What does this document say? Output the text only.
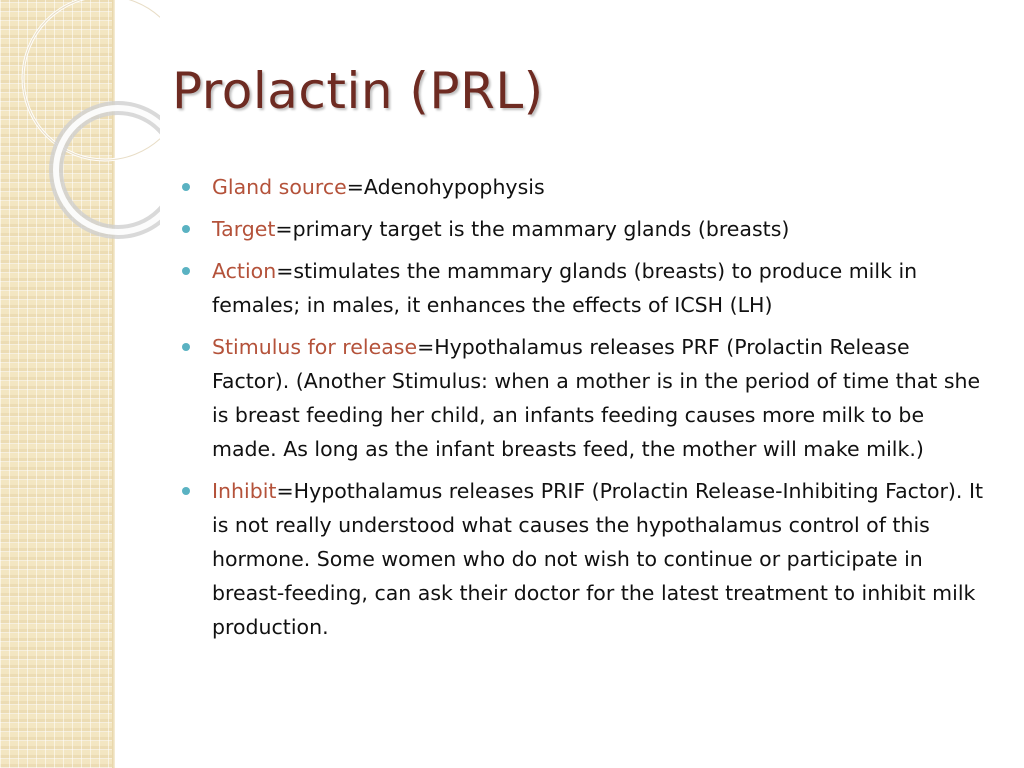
Prolactin (PRL)
Gland source=Adenohypophysis
Target=primary target is the mammary glands (breasts)
Action=stimulates the mammary glands (breasts) to produce milk in females; in males, it enhances the effects of ICSH (LH)
Stimulus for release=Hypothalamus releases PRF (Prolactin Release Factor). (Another Stimulus: when a mother is in the period of time that she is breast feeding her child, an infants feeding causes more milk to be made. As long as the infant breasts feed, the mother will make milk.)
Inhibit=Hypothalamus releases PRIF (Prolactin Release-Inhibiting Factor). It is not really understood what causes the hypothalamus control of this hormone. Some women who do not wish to continue or participate in breast-feeding, can ask their doctor for the latest treatment to inhibit milk production.
